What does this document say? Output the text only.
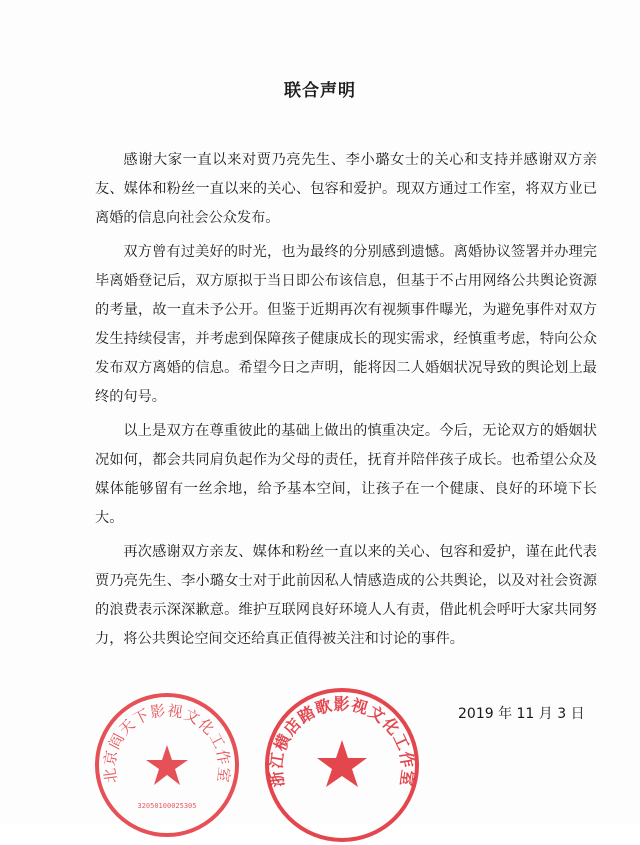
联合声明

感谢大家一直以来对贾乃亮先生、李小璐女士的关心和支持并感谢双方亲友、媒体和粉丝一直以来的关心、包容和爱护。现双方通过工作室，将双方业已离婚的信息向社会公众发布。

双方曾有过美好的时光，也为最终的分别感到遗憾。离婚协议签署并办理完毕离婚登记后，双方原拟于当日即公布该信息，但基于不占用网络公共舆论资源的考量，故一直未予公开。但鉴于近期再次有视频事件曝光，为避免事件对双方发生持续侵害，并考虑到保障孩子健康成长的现实需求，经慎重考虑，特向公众发布双方离婚的信息。希望今日之声明，能将因二人婚姻状况导致的舆论划上最终的句号。

以上是双方在尊重彼此的基础上做出的慎重决定。今后，无论双方的婚姻状况如何，都会共同肩负起作为父母的责任，抚育并陪伴孩子成长。也希望公众及媒体能够留有一丝余地，给予基本空间，让孩子在一个健康、良好的环境下长大。

再次感谢双方亲友、媒体和粉丝一直以来的关心、包容和爱护，谨在此代表贾乃亮先生、李小璐女士对于此前因私人情感造成的公共舆论，以及对社会资源的浪费表示深深歉意。维护互联网良好环境人人有责，借此机会呼吁大家共同努力，将公共舆论空间交还给真正值得被关注和讨论的事件。

2019 年 11 月 3 日
北京阎天下影视文化工作室
32050100025305
浙江横店踏歌影视文化工作室
